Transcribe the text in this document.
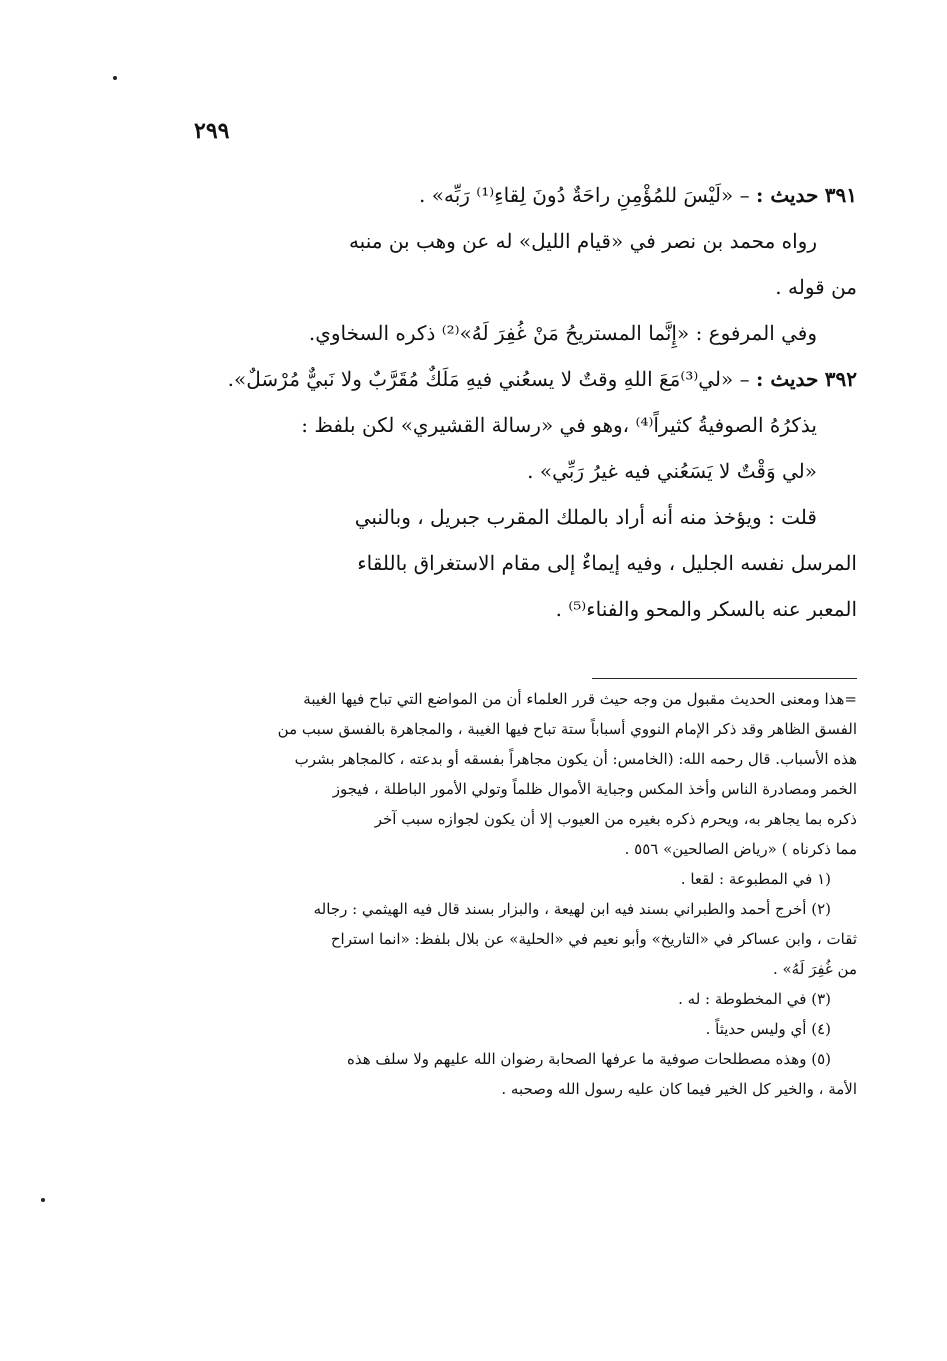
٢٩٩

٣٩١ حديث : – «لَيْسَ للمُؤْمِنِ راحَةٌ دُونَ لِقاءِ⁽¹⁾ رَبِّه» .

رواه محمد بن نصر في «قيام الليل» له عن وهب بن منبه

من قوله .

وفي المرفوع : «إِنَّما المستريحُ مَنْ غُفِرَ لَهُ»⁽²⁾ ذكره السخاوي.

٣٩٢ حديث : – «لي⁽³⁾مَعَ اللهِ وقتٌ لا يسعُني فيهِ مَلَكٌ مُقَرَّبٌ ولا نَبيٌّ مُرْسَلٌ».

يذكرُهُ الصوفيةُ كثيراً⁽⁴⁾ ،وهو في «رسالة القشيري» لكن بلفظ :

«لي وَقْتٌ لا يَسَعُني فيه غيرُ رَبِّي» .

قلت : ويؤخذ منه أنه أراد بالملك المقرب جبريل ، وبالنبي

المرسل نفسه الجليل ، وفيه إيماءٌ إلى مقام الاستغراق باللقاء

المعبر عنه بالسكر والمحو والفناء⁽⁵⁾ .

=هذا ومعنى الحديث مقبول من وجه حيث قرر العلماء أن من المواضع التي تباح فيها الغيبة

الفسق الظاهر وقد ذكر الإمام النووي أسباباً ستة تباح فيها الغيبة ، والمجاهرة بالفسق سبب من

هذه الأسباب. قال رحمه الله: (الخامس: أن يكون مجاهراً بفسقه أو بدعته ، كالمجاهر بشرب

الخمر ومصادرة الناس وأخذ المكس وجباية الأموال ظلماً وتولي الأمور الباطلة ، فيجوز

ذكره بما يجاهر به، ويحرم ذكره بغيره من العيوب إلا أن يكون لجوازه سبب آخر

مما ذكرناه ) «رياض الصالحين» ٥٥٦ .

(١ في المطبوعة : لقعا .

(٢) أخرج أحمد والطبراني بسند فيه ابن لهيعة ، والبزار بسند قال فيه الهيثمي : رجاله

ثقات ، وابن عساكر في «التاريخ» وأبو نعيم في «الحلية» عن بلال بلفظ: «انما استراح

من غُفِرَ لَهُ» .

(٣) في المخطوطة : له .

(٤) أي وليس حديثاً .

(٥) وهذه مصطلحات صوفية ما عرفها الصحابة رضوان الله عليهم ولا سلف هذه

الأمة ، والخير كل الخير فيما كان عليه رسول الله وصحبه .
